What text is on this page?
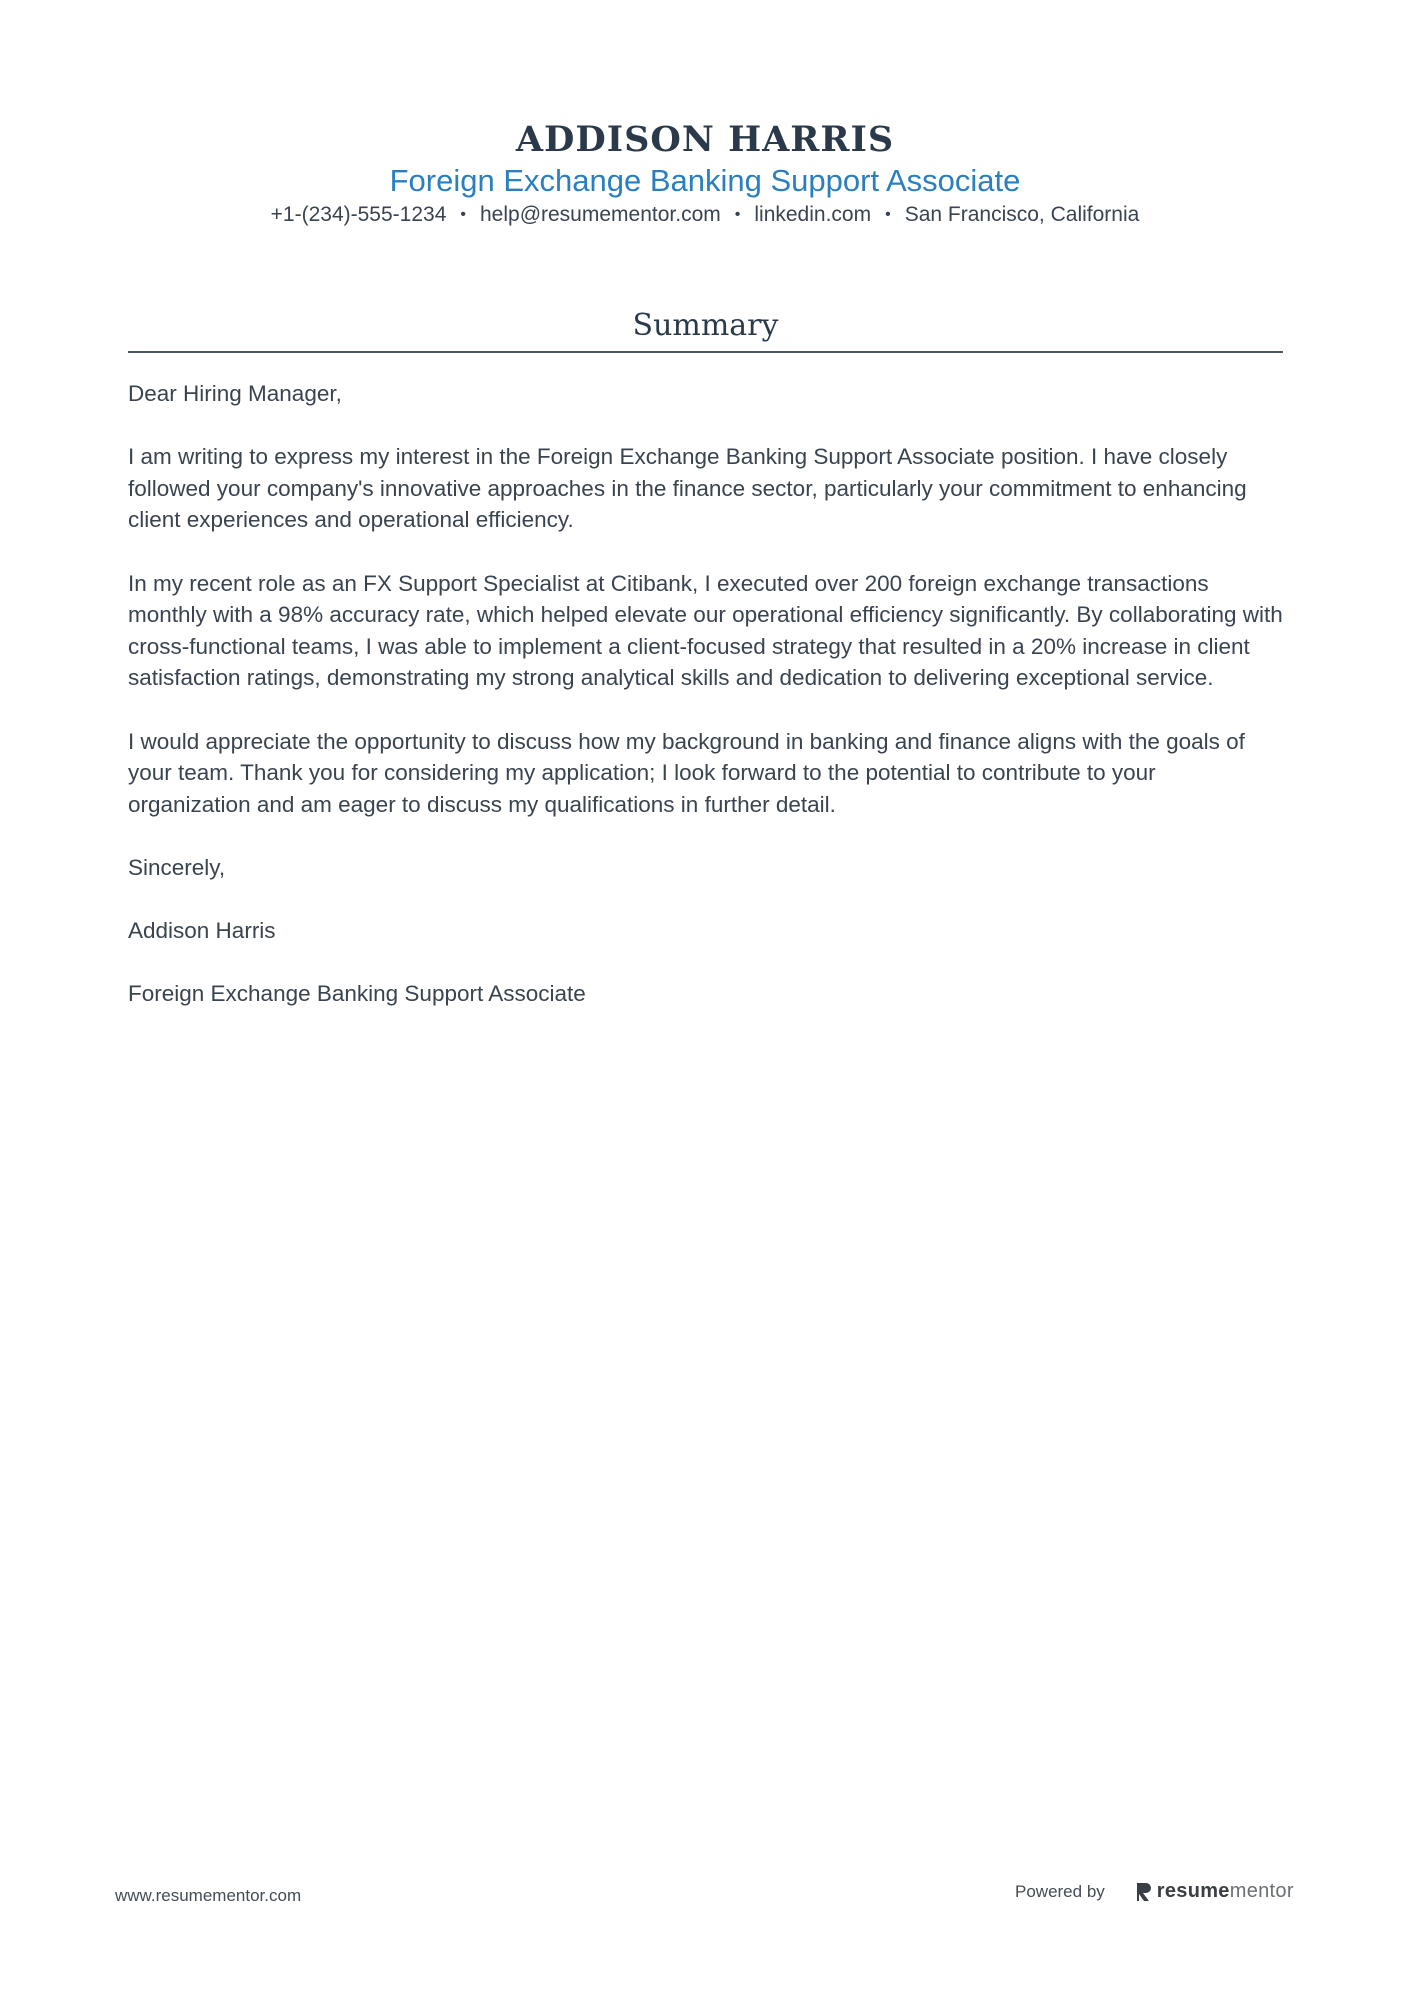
ADDISON HARRIS
Foreign Exchange Banking Support Associate
+1-(234)-555-1234 • help@resumementor.com • linkedin.com • San Francisco, California
Summary

Dear Hiring Manager,

I am writing to express my interest in the Foreign Exchange Banking Support Associate position. I have closely followed your company's innovative approaches in the finance sector, particularly your commitment to enhancing client experiences and operational efficiency.

In my recent role as an FX Support Specialist at Citibank, I executed over 200 foreign exchange transactions monthly with a 98% accuracy rate, which helped elevate our operational efficiency significantly. By collaborating with cross-functional teams, I was able to implement a client-focused strategy that resulted in a 20% increase in client satisfaction ratings, demonstrating my strong analytical skills and dedication to delivering exceptional service.

I would appreciate the opportunity to discuss how my background in banking and finance aligns with the goals of your team. Thank you for considering my application; I look forward to the potential to contribute to your organization and am eager to discuss my qualifications in further detail.

Sincerely,

Addison Harris

Foreign Exchange Banking Support Associate

www.resumementor.com	Powered by	resume mentor
